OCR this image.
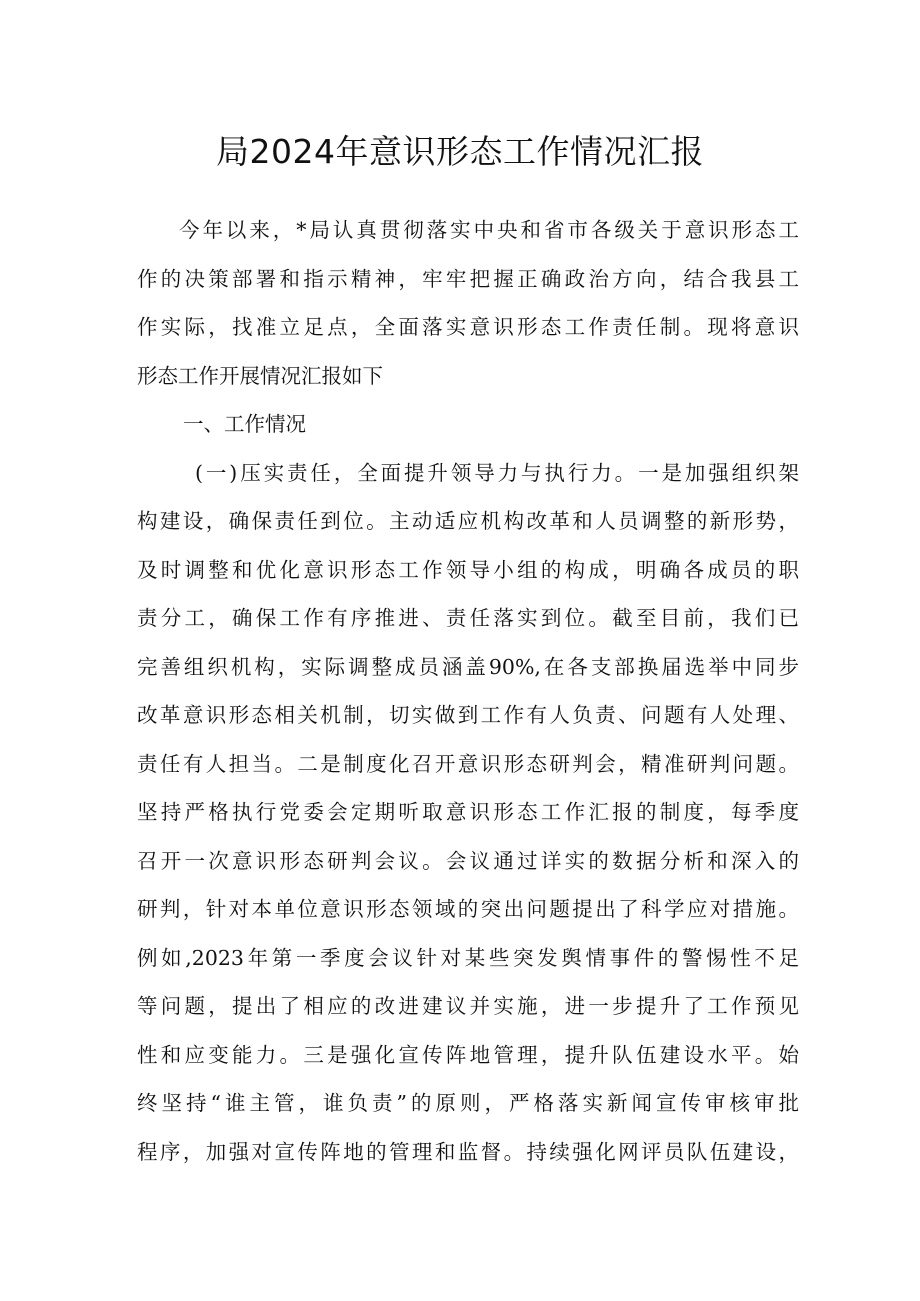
局2024年意识形态工作情况汇报
今年以来，*局认真贯彻落实中央和省市各级关于意识形态工
作的决策部署和指示精神，牢牢把握正确政治方向，结合我县工
作实际，找准立足点，全面落实意识形态工作责任制。现将意识
形态工作开展情况汇报如下
一、工作情况
(一)压实责任，全面提升领导力与执行力。一是加强组织架
构建设，确保责任到位。主动适应机构改革和人员调整的新形势，
及时调整和优化意识形态工作领导小组的构成，明确各成员的职
责分工，确保工作有序推进、责任落实到位。截至目前，我们已
完善组织机构，实际调整成员涵盖90%,在各支部换届选举中同步
改革意识形态相关机制，切实做到工作有人负责、问题有人处理、
责任有人担当。二是制度化召开意识形态研判会，精准研判问题。
坚持严格执行党委会定期听取意识形态工作汇报的制度，每季度
召开一次意识形态研判会议。会议通过详实的数据分析和深入的
研判，针对本单位意识形态领域的突出问题提出了科学应对措施。
例如,2023年第一季度会议针对某些突发舆情事件的警惕性不足
等问题，提出了相应的改进建议并实施，进一步提升了工作预见
性和应变能力。三是强化宣传阵地管理，提升队伍建设水平。始
终坚持“谁主管，谁负责”的原则，严格落实新闻宣传审核审批
程序，加强对宣传阵地的管理和监督。持续强化网评员队伍建设，
